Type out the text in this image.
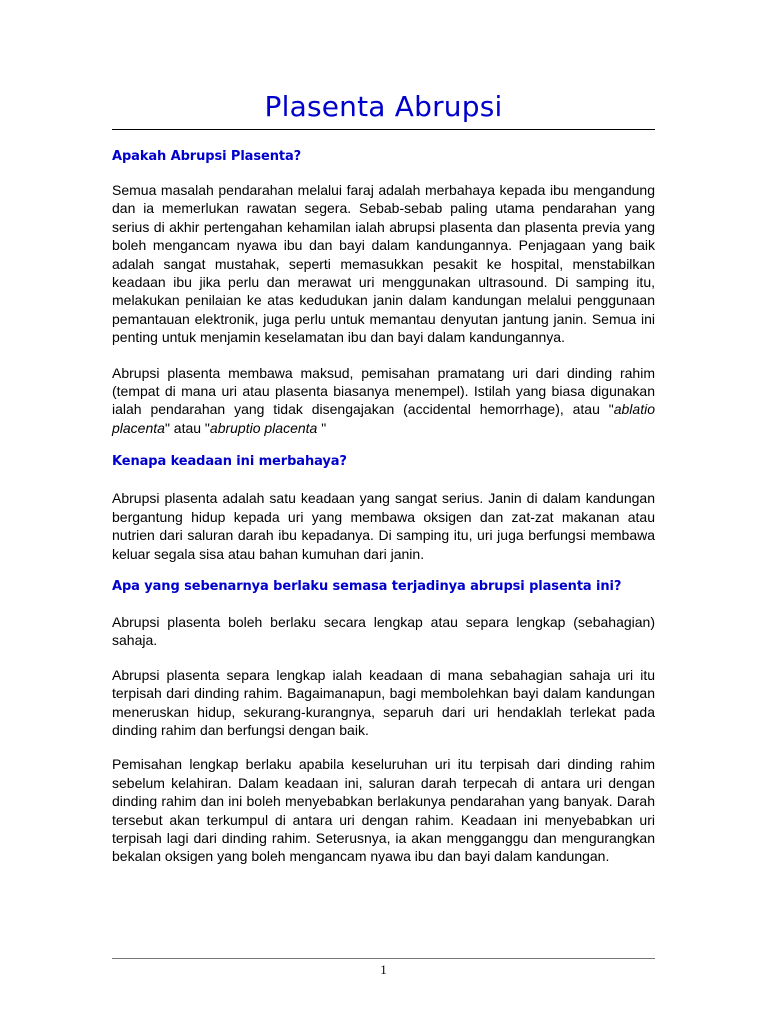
Plasenta Abrupsi
Apakah Abrupsi Plasenta?

Semua masalah pendarahan melalui faraj adalah merbahaya kepada ibu mengandung dan ia memerlukan rawatan segera. Sebab-sebab paling utama pendarahan yang serius di akhir pertengahan kehamilan ialah abrupsi plasenta dan plasenta previa yang boleh mengancam nyawa ibu dan bayi dalam kandungannya. Penjagaan yang baik adalah sangat mustahak, seperti memasukkan pesakit ke hospital, menstabilkan keadaan ibu jika perlu dan merawat uri menggunakan ultrasound. Di samping itu, melakukan penilaian ke atas kedudukan janin dalam kandungan melalui penggunaan pemantauan elektronik, juga perlu untuk memantau denyutan jantung janin. Semua ini penting untuk menjamin keselamatan ibu dan bayi dalam kandungannya.

Abrupsi plasenta membawa maksud, pemisahan pramatang uri dari dinding rahim (tempat di mana uri atau plasenta biasanya menempel). Istilah yang biasa digunakan ialah pendarahan yang tidak disengajakan (accidental hemorrhage), atau "ablatio placenta" atau "abruptio placenta "

Kenapa keadaan ini merbahaya?

Abrupsi plasenta adalah satu keadaan yang sangat serius. Janin di dalam kandungan bergantung hidup kepada uri yang membawa oksigen dan zat-zat makanan atau nutrien dari saluran darah ibu kepadanya. Di samping itu, uri juga berfungsi membawa keluar segala sisa atau bahan kumuhan dari janin.

Apa yang sebenarnya berlaku semasa terjadinya abrupsi plasenta ini?

Abrupsi plasenta boleh berlaku secara lengkap atau separa lengkap (sebahagian) sahaja.

Abrupsi plasenta separa lengkap ialah keadaan di mana sebahagian sahaja uri itu terpisah dari dinding rahim. Bagaimanapun, bagi membolehkan bayi dalam kandungan meneruskan hidup, sekurang-kurangnya, separuh dari uri hendaklah terlekat pada dinding rahim dan berfungsi dengan baik.

Pemisahan lengkap berlaku apabila keseluruhan uri itu terpisah dari dinding rahim sebelum kelahiran. Dalam keadaan ini, saluran darah terpecah di antara uri dengan dinding rahim dan ini boleh menyebabkan berlakunya pendarahan yang banyak. Darah tersebut akan terkumpul di antara uri dengan rahim. Keadaan ini menyebabkan uri terpisah lagi dari dinding rahim. Seterusnya, ia akan mengganggu dan mengurangkan bekalan oksigen yang boleh mengancam nyawa ibu dan bayi dalam kandungan.

1
